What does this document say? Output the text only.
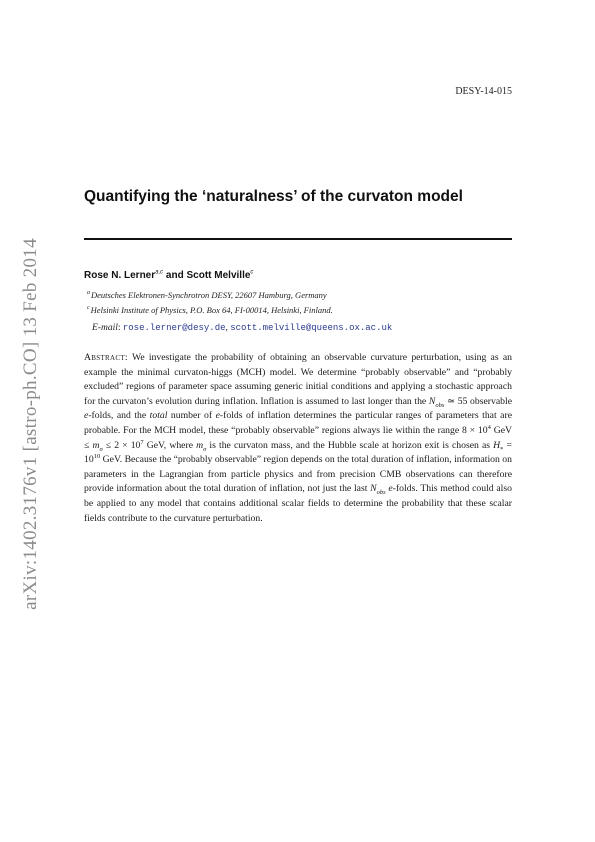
arXiv:1402.3176v1 [astro-ph.CO] 13 Feb 2014
DESY-14-015
Quantifying the ‘naturalness’ of the curvaton model
Rose N. Lerner$^{a,c}$ and Scott Melville$^c$
$^a$Deutsches Elektronen-Synchrotron DESY, 22607 Hamburg, Germany
$^c$Helsinki Institute of Physics, P.O. Box 64, FI-00014, Helsinki, Finland.
E-mail: rose.lerner@desy.de, scott.melville@queens.ox.ac.uk
Abstract: We investigate the probability of obtaining an observable curvature perturbation, using as an example the minimal curvaton-higgs (MCH) model. We determine “probably observable” and “probably excluded” regions of parameter space assuming generic initial conditions and applying a stochastic approach for the curvaton’s evolution during inflation. Inflation is assumed to last longer than the $N_{obs}$ ≃ 55 observable e-folds, and the total number of e-folds of inflation determines the particular ranges of parameters that are probable. For the MCH model, these “probably observable” regions always lie within the range $8 \times 10^4$ GeV ≤ $m_\sigma \le 2 \times 10^7$ GeV, where $m_\sigma$ is the curvaton mass, and the Hubble scale at horizon exit is chosen as $H_* = 10^{10}$ GeV. Because the “probably observable” region depends on the total duration of inflation, information on parameters in the Lagrangian from particle physics and from precision CMB observations can therefore provide information about the total duration of inflation, not just the last $N_{obs}$ e-folds. This method could also be applied to any model that contains additional scalar fields to determine the probability that these scalar fields contribute to the curvature perturbation.
